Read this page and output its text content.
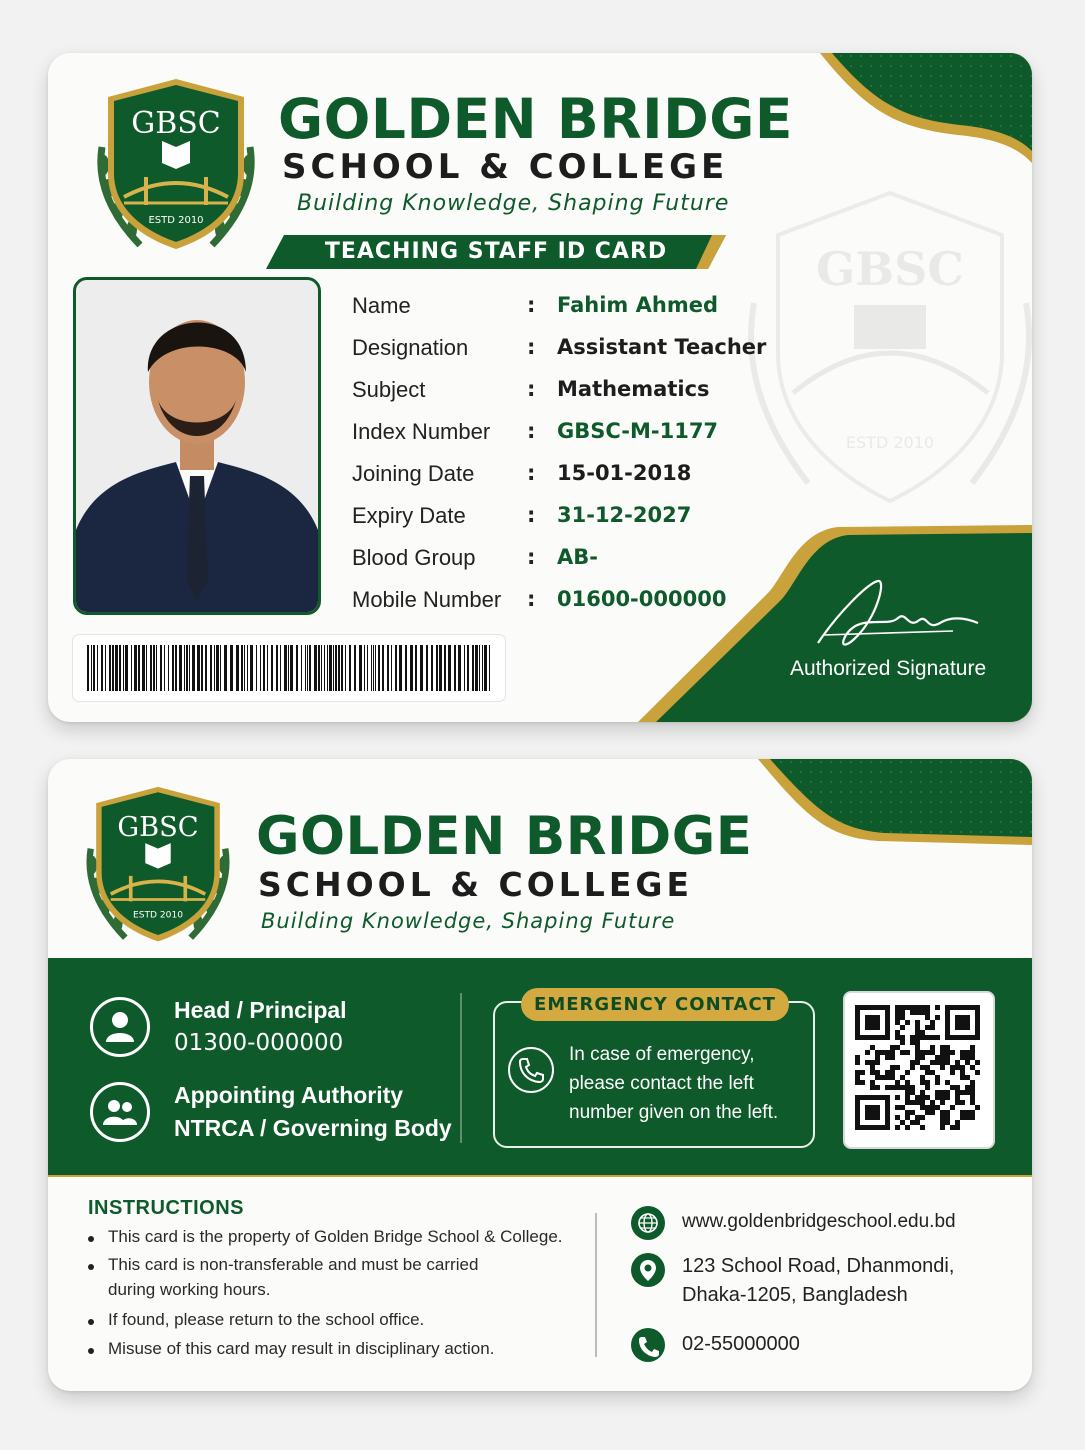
GBSC
ESTD 2010
GBSC
ESTD 2010
GOLDEN BRIDGE
SCHOOL & COLLEGE
Building Knowledge, Shaping Future
TEACHING STAFF ID CARD
Name	: Fahim Ahmed
Designation	: Assistant Teacher
Subject	: Mathematics
Index Number : GBSC-M-1177
Joining Date	: 15-01-2018
Expiry Date	: 31-12-2027
Blood Group : AB-
Mobile Number : 01600-000000
Authorized Signature
GBSC
ESTD 2010
GOLDEN BRIDGE
SCHOOL & COLLEGE
Building Knowledge, Shaping Future
Head / Principal
01300-000000
Appointing Authority
NTRCA / Governing Body
EMERGENCY CONTACT
In case of emergency,
please contact the left
number given on the left.
INSTRUCTIONS
This card is the property of Golden Bridge School & College.
This card is non-transferable and must be carried
during working hours.
If found, please return to the school office.
Misuse of this card may result in disciplinary action.
www.goldenbridgeschool.edu.bd
123 School Road, Dhanmondi,
Dhaka-1205, Bangladesh
02-55000000
